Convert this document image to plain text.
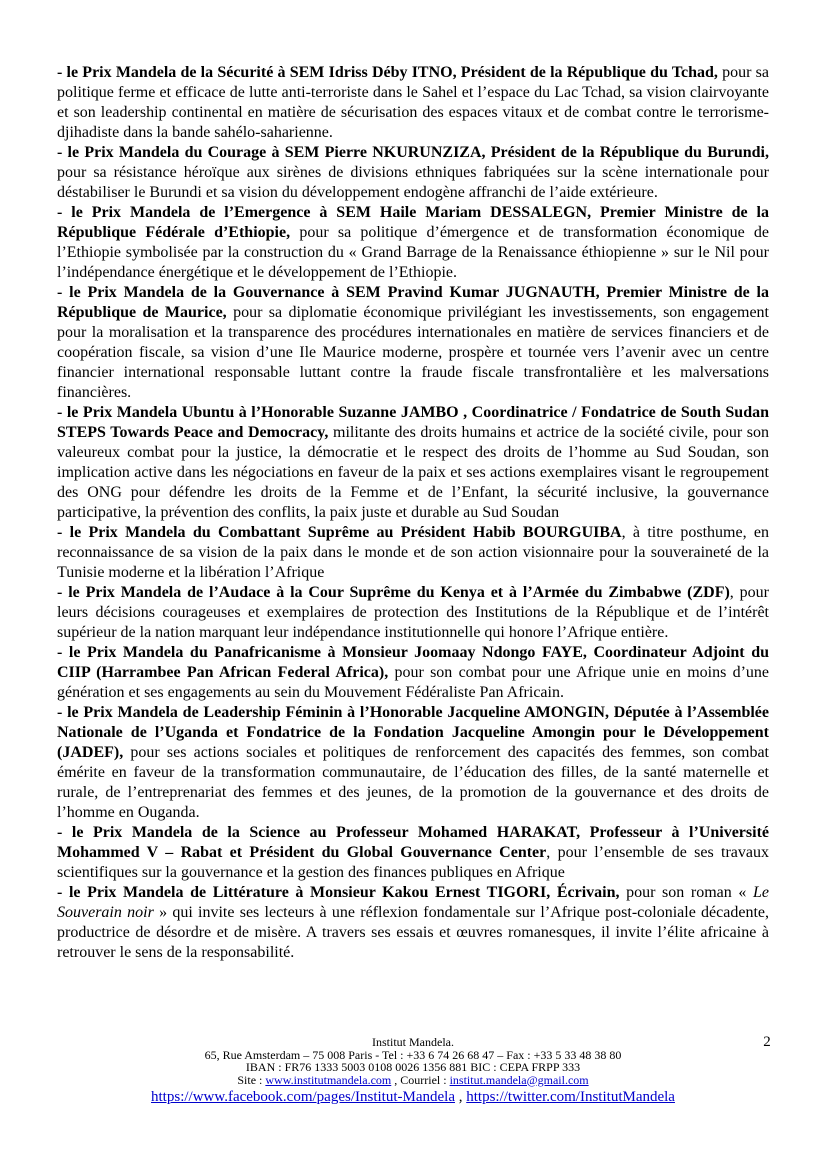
- le Prix Mandela de la Sécurité à SEM Idriss Déby ITNO, Président de la République du Tchad, pour sa politique ferme et efficace de lutte anti-terroriste dans le Sahel et l’espace du Lac Tchad, sa vision clairvoyante et son leadership continental en matière de sécurisation des espaces vitaux et de combat contre le terrorisme-djihadiste dans la bande sahélo-saharienne.

- le Prix Mandela du Courage à SEM Pierre NKURUNZIZA, Président de la République du Burundi, pour sa résistance héroïque aux sirènes de divisions ethniques fabriquées sur la scène internationale pour déstabiliser le Burundi et sa vision du développement endogène affranchi de l’aide extérieure.

- le Prix Mandela de l’Emergence à SEM Haile Mariam DESSALEGN, Premier Ministre de la République Fédérale d’Ethiopie, pour sa politique d’émergence et de transformation économique de l’Ethiopie symbolisée par la construction du « Grand Barrage de la Renaissance éthiopienne » sur le Nil pour l’indépendance énergétique et le développement de l’Ethiopie.

- le Prix Mandela de la Gouvernance à SEM Pravind Kumar JUGNAUTH, Premier Ministre de la République de Maurice, pour sa diplomatie économique privilégiant les investissements, son engagement pour la moralisation et la transparence des procédures internationales en matière de services financiers et de coopération fiscale, sa vision d’une Ile Maurice moderne, prospère et tournée vers l’avenir avec un centre financier international responsable luttant contre la fraude fiscale transfrontalière et les malversations financières.

- le Prix Mandela Ubuntu à l’Honorable Suzanne JAMBO , Coordinatrice / Fondatrice de South Sudan STEPS Towards Peace and Democracy, militante des droits humains et actrice de la société civile, pour son valeureux combat pour la justice, la démocratie et le respect des droits de l’homme au Sud Soudan, son implication active dans les négociations en faveur de la paix et ses actions exemplaires visant le regroupement des ONG pour défendre les droits de la Femme et de l’Enfant, la sécurité inclusive, la gouvernance participative, la prévention des conflits, la paix juste et durable au Sud Soudan

- le Prix Mandela du Combattant Suprême au Président Habib BOURGUIBA, à titre posthume, en reconnaissance de sa vision de la paix dans le monde et de son action visionnaire pour la souveraineté de la Tunisie moderne et la libération l’Afrique

- le Prix Mandela de l’Audace à la Cour Suprême du Kenya et à l’Armée du Zimbabwe (ZDF), pour leurs décisions courageuses et exemplaires de protection des Institutions de la République et de l’intérêt supérieur de la nation marquant leur indépendance institutionnelle qui honore l’Afrique entière.

- le Prix Mandela du Panafricanisme à Monsieur Joomaay Ndongo FAYE, Coordinateur Adjoint du CIIP (Harrambee Pan African Federal Africa), pour son combat pour une Afrique unie en moins d’une génération et ses engagements au sein du Mouvement Fédéraliste Pan Africain.

- le Prix Mandela de Leadership Féminin à l’Honorable Jacqueline AMONGIN, Députée à l’Assemblée Nationale de l’Uganda et Fondatrice de la Fondation Jacqueline Amongin pour le Développement (JADEF), pour ses actions sociales et politiques de renforcement des capacités des femmes, son combat émérite en faveur de la transformation communautaire, de l’éducation des filles, de la santé maternelle et rurale, de l’entreprenariat des femmes et des jeunes, de la promotion de la gouvernance et des droits de l’homme en Ouganda.

- le Prix Mandela de la Science au Professeur Mohamed HARAKAT, Professeur à l’Université Mohammed V – Rabat et Président du Global Gouvernance Center, pour l’ensemble de ses travaux scientifiques sur la gouvernance et la gestion des finances publiques en Afrique

- le Prix Mandela de Littérature à Monsieur Kakou Ernest TIGORI, Écrivain, pour son roman « Le Souverain noir » qui invite ses lecteurs à une réflexion fondamentale sur l’Afrique post-coloniale décadente, productrice de désordre et de misère. A travers ses essais et œuvres romanesques, il invite l’élite africaine à retrouver le sens de la responsabilité.

2

Institut Mandela.

65, Rue Amsterdam – 75 008 Paris - Tel : +33 6 74 26 68 47 – Fax : +33 5 33 48 38 80

IBAN : FR76 1333 5003 0108 0026 1356 881 BIC : CEPA FRPP 333

Site : www.institutmandela.com , Courriel : institut.mandela@gmail.com

https://www.facebook.com/pages/Institut-Mandela , https://twitter.com/InstitutMandela
